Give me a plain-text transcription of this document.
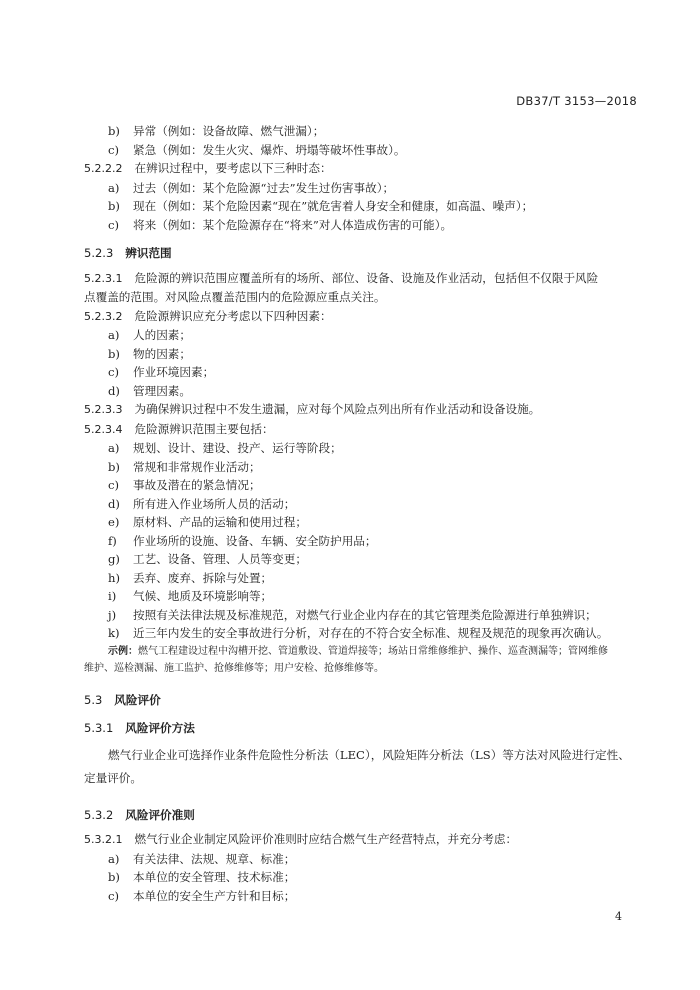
DB37/T 3153—2018
b)	异常（例如：设备故障、燃气泄漏）；
c)	紧急（例如：发生火灾、爆炸、坍塌等破坏性事故）。
5.2.2.2 在辨识过程中，要考虑以下三种时态：
a)	过去（例如：某个危险源“过去”发生过伤害事故）；
b)	现在（例如：某个危险因素“现在”就危害着人身安全和健康，如高温、噪声）；
c)	将来（例如：某个危险源存在“将来”对人体造成伤害的可能）。
5.2.3 辨识范围
5.2.3.1 危险源的辨识范围应覆盖所有的场所、部位、设备、设施及作业活动，包括但不仅限于风险
点覆盖的范围。对风险点覆盖范围内的危险源应重点关注。
5.2.3.2 危险源辨识应充分考虑以下四种因素：
a)	人的因素；
b)	物的因素；
c)	作业环境因素；
d)	管理因素。
5.2.3.3 为确保辨识过程中不发生遗漏，应对每个风险点列出所有作业活动和设备设施。
5.2.3.4 危险源辨识范围主要包括：
a)	规划、设计、建设、投产、运行等阶段；
b)	常规和非常规作业活动；
c)	事故及潜在的紧急情况；
d)	所有进入作业场所人员的活动；
e)	原材料、产品的运输和使用过程；
f)	作业场所的设施、设备、车辆、安全防护用品；
g)	工艺、设备、管理、人员等变更；
h)	丢弃、废弃、拆除与处置；
i)	气候、地质及环境影响等；
j)	按照有关法律法规及标准规范，对燃气行业企业内存在的其它管理类危险源进行单独辨识；
k)	近三年内发生的安全事故进行分析，对存在的不符合安全标准、规程及规范的现象再次确认。
示例：燃气工程建设过程中沟槽开挖、管道敷设、管道焊接等；场站日常维修维护、操作、巡查测漏等；管网维修
维护、巡检测漏、施工监护、抢修维修等；用户安检、抢修维修等。
5.3 风险评价
5.3.1 风险评价方法
燃气行业企业可选择作业条件危险性分析法（LEC），风险矩阵分析法（LS）等方法对风险进行定性、定量评价。
5.3.2 风险评价准则
5.3.2.1 燃气行业企业制定风险评价准则时应结合燃气生产经营特点，并充分考虑：
a)	有关法律、法规、规章、标准；
b)	本单位的安全管理、技术标准；
c)	本单位的安全生产方针和目标；
4
